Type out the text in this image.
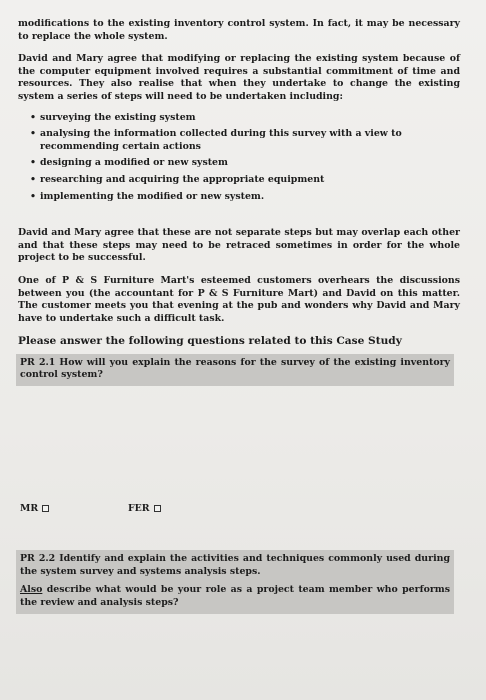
modifications to the existing inventory control system. In fact, it may be necessary to replace the whole system.

David and Mary agree that modifying or replacing the existing system because of the computer equipment involved requires a substantial commitment of time and resources. They also realise that when they undertake to change the existing system a series of steps will need to be undertaken including:

• surveying the existing system
• analysing the information collected during this survey with a view to recommending certain actions
• designing a modified or new system
• researching and acquiring the appropriate equipment
• implementing the modified or new system.

David and Mary agree that these are not separate steps but may overlap each other and that these steps may need to be retraced sometimes in order for the whole project to be successful.

One of P & S Furniture Mart's esteemed customers overhears the discussions between you (the accountant for P & S Furniture Mart) and David on this matter. The customer meets you that evening at the pub and wonders why David and Mary have to undertake such a difficult task.

Please answer the following questions related to this Case Study

PR 2.1 How will you explain the reasons for the survey of the existing inventory control system?

MR	FER

PR 2.2 Identify and explain the activities and techniques commonly used during the system survey and systems analysis steps.

Also describe what would be your role as a project team member who performs the review and analysis steps?
